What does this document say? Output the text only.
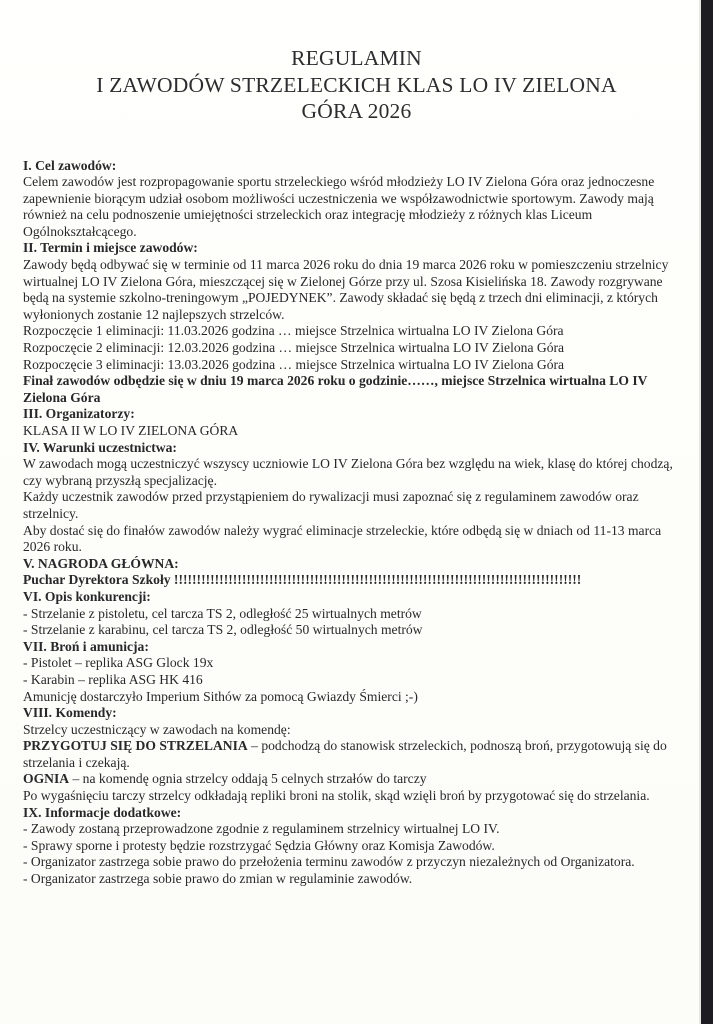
REGULAMIN
I ZAWODÓW STRZELECKICH KLAS LO IV ZIELONA
GÓRA 2026
I. Cel zawodów:
Celem zawodów jest rozpropagowanie sportu strzeleckiego wśród młodzieży LO IV Zielona Góra oraz jednoczesne zapewnienie biorącym udział osobom możliwości uczestniczenia we współzawodnictwie sportowym. Zawody mają również na celu podnoszenie umiejętności strzeleckich oraz integrację młodzieży z różnych klas Liceum Ogólnokształcącego.
II. Termin i miejsce zawodów:
Zawody będą odbywać się w terminie od 11 marca 2026 roku do dnia 19 marca 2026 roku w pomieszczeniu strzelnicy wirtualnej LO IV Zielona Góra, mieszczącej się w Zielonej Górze przy ul. Szosa Kisielińska 18. Zawody rozgrywane będą na systemie szkolno-treningowym „POJEDYNEK”. Zawody składać się będą z trzech dni eliminacji, z których wyłonionych zostanie 12 najlepszych strzelców.
Rozpoczęcie 1 eliminacji: 11.03.2026 godzina … miejsce Strzelnica wirtualna LO IV Zielona Góra
Rozpoczęcie 2 eliminacji: 12.03.2026 godzina … miejsce Strzelnica wirtualna LO IV Zielona Góra
Rozpoczęcie 3 eliminacji: 13.03.2026 godzina … miejsce Strzelnica wirtualna LO IV Zielona Góra
Finał zawodów odbędzie się w dniu 19 marca 2026 roku o godzinie……, miejsce Strzelnica wirtualna LO IV Zielona Góra
III. Organizatorzy:
KLASA II W LO IV ZIELONA GÓRA
IV. Warunki uczestnictwa:
W zawodach mogą uczestniczyć wszyscy uczniowie LO IV Zielona Góra bez względu na wiek, klasę do której chodzą, czy wybraną przyszłą specjalizację.
Każdy uczestnik zawodów przed przystąpieniem do rywalizacji musi zapoznać się z regulaminem zawodów oraz strzelnicy.
Aby dostać się do finałów zawodów należy wygrać eliminacje strzeleckie, które odbędą się w dniach od 11-13 marca 2026 roku.
V. NAGRODA GŁÓWNA:
Puchar Dyrektora Szkoły !!!!!!!!!!!!!!!!!!!!!!!!!!!!!!!!!!!!!!!!!!!!!!!!!!!!!!!!!!!!!!!!!!!!!!!!!!!!!!!!!!!!!!!!!!
VI. Opis konkurencji:
- Strzelanie z pistoletu, cel tarcza TS 2, odległość 25 wirtualnych metrów
- Strzelanie z karabinu, cel tarcza TS 2, odległość 50 wirtualnych metrów
VII. Broń i amunicja:
- Pistolet – replika ASG Glock 19x
- Karabin – replika ASG HK 416
Amunicję dostarczyło Imperium Sithów za pomocą Gwiazdy Śmierci ;-)
VIII. Komendy:
Strzelcy uczestniczący w zawodach na komendę:
PRZYGOTUJ SIĘ DO STRZELANIA – podchodzą do stanowisk strzeleckich, podnoszą broń, przygotowują się do strzelania i czekają.
OGNIA – na komendę ognia strzelcy oddają 5 celnych strzałów do tarczy
Po wygaśnięciu tarczy strzelcy odkładają repliki broni na stolik, skąd wzięli broń by przygotować się do strzelania.
IX. Informacje dodatkowe:
- Zawody zostaną przeprowadzone zgodnie z regulaminem strzelnicy wirtualnej LO IV.
- Sprawy sporne i protesty będzie rozstrzygać Sędzia Główny oraz Komisja Zawodów.
- Organizator zastrzega sobie prawo do przełożenia terminu zawodów z przyczyn niezależnych od Organizatora.
- Organizator zastrzega sobie prawo do zmian w regulaminie zawodów.
